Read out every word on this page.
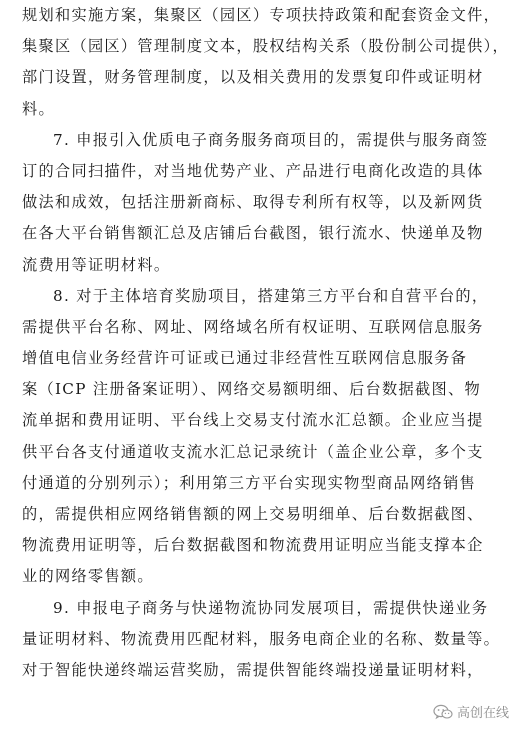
规划和实施方案，集聚区（园区）专项扶持政策和配套资金文件，
集聚区（园区）管理制度文本，股权结构关系（股份制公司提供），
部门设置，财务管理制度，以及相关费用的发票复印件或证明材
料。
7. 申报引入优质电子商务服务商项目的，需提供与服务商签
订的合同扫描件，对当地优势产业、产品进行电商化改造的具体
做法和成效，包括注册新商标、取得专利所有权等，以及新网货
在各大平台销售额汇总及店铺后台截图，银行流水、快递单及物
流费用等证明材料。
8. 对于主体培育奖励项目，搭建第三方平台和自营平台的，
需提供平台名称、网址、网络域名所有权证明、互联网信息服务
增值电信业务经营许可证或已通过非经营性互联网信息服务备
案（ICP 注册备案证明）、网络交易额明细、后台数据截图、物
流单据和费用证明、平台线上交易支付流水汇总额。企业应当提
供平台各支付通道收支流水汇总记录统计（盖企业公章，多个支
付通道的分别列示）；利用第三方平台实现实物型商品网络销售
的，需提供相应网络销售额的网上交易明细单、后台数据截图、
物流费用证明等，后台数据截图和物流费用证明应当能支撑本企
业的网络零售额。
9. 申报电子商务与快递物流协同发展项目，需提供快递业务
量证明材料、物流费用匹配材料，服务电商企业的名称、数量等。
对于智能快递终端运营奖励，需提供智能终端投递量证明材料，
高创在线
